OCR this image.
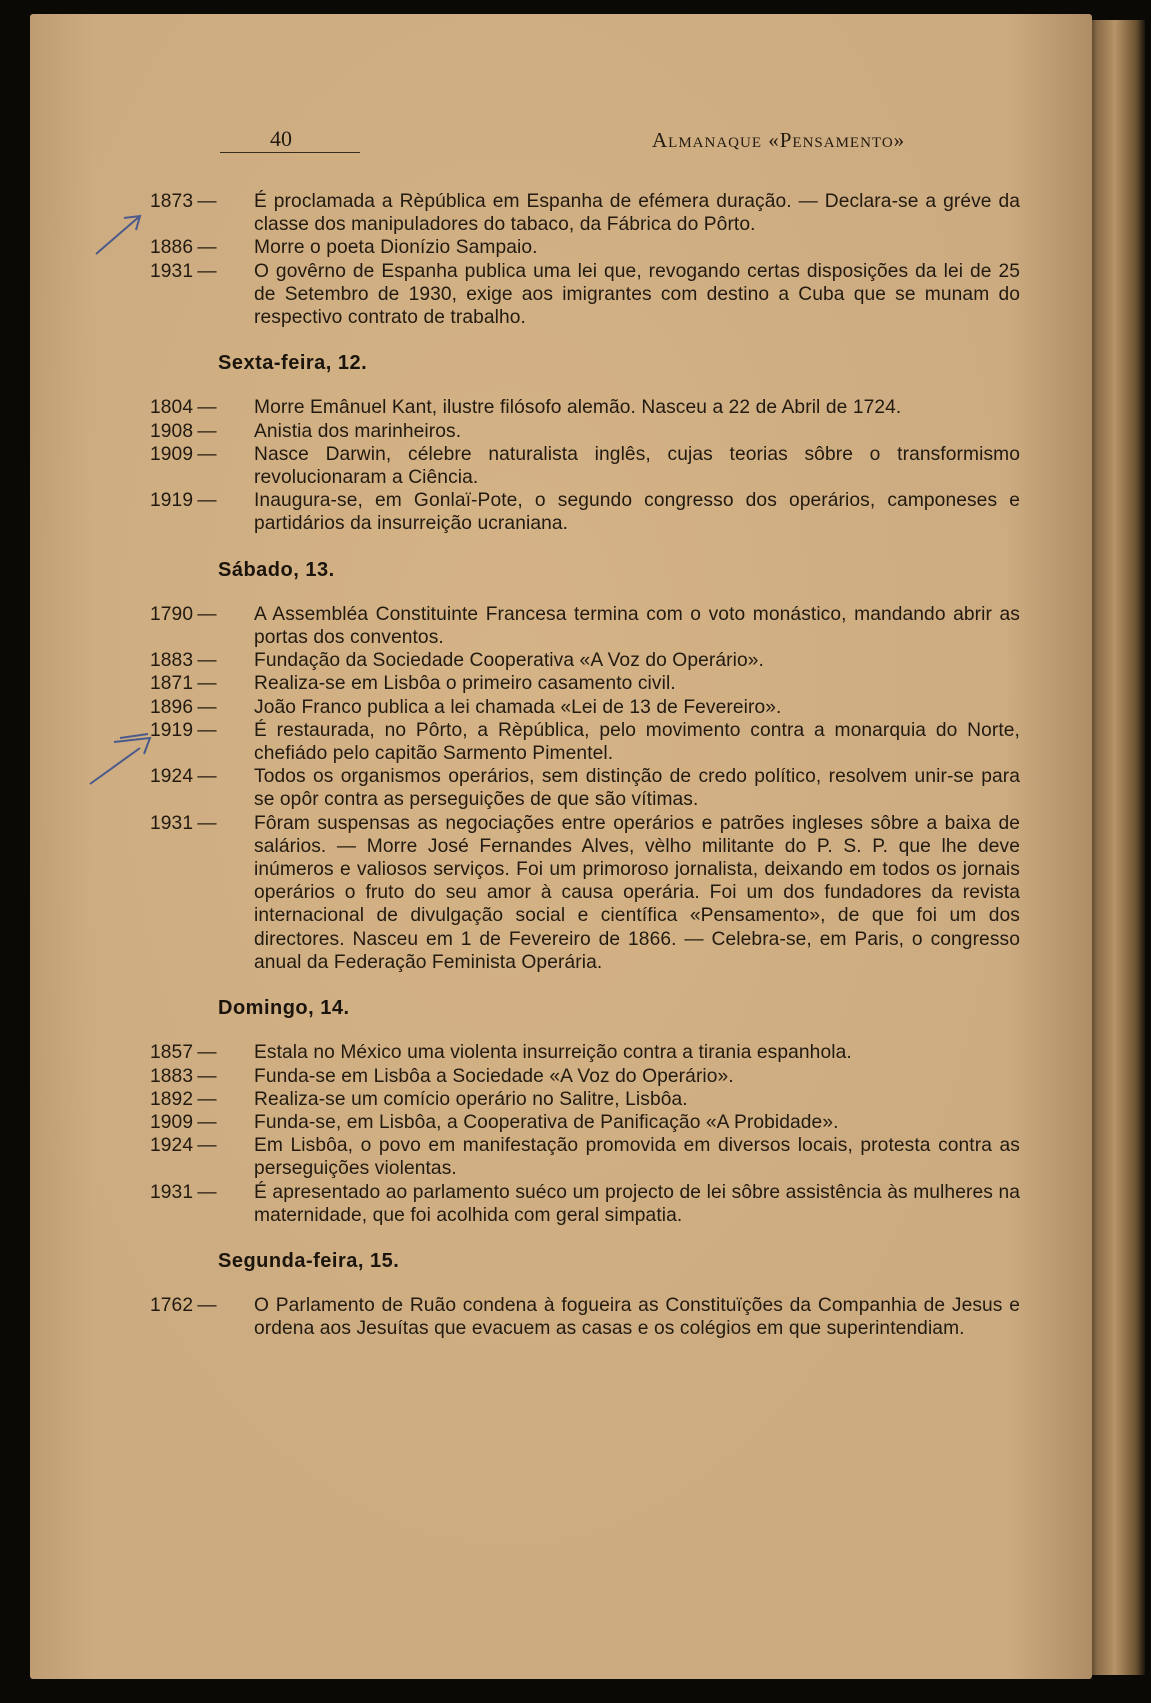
40	Almanaque «Pensamento»
1873 —	É proclamada a Rèpública em Espanha de efémera duração. — Declara-se a gréve da classe dos manipuladores do tabaco, da Fábrica do Pôrto.
1886 —	Morre o poeta Dionízio Sampaio.
1931 —	O govêrno de Espanha publica uma lei que, revogando certas disposições da lei de 25 de Setembro de 1930, exige aos imigrantes com destino a Cuba que se munam do respectivo contrato de trabalho.
Sexta-feira, 12.
1804 —	Morre Emânuel Kant, ilustre filósofo alemão. Nasceu a 22 de Abril de 1724.
1908 —	Anistia dos marinheiros.
1909 —	Nasce Darwin, célebre naturalista inglês, cujas teorias sôbre o transformismo revolucionaram a Ciência.
1919 —	Inaugura-se, em Gonlaï-Pote, o segundo congresso dos operários, camponeses e partidários da insurreição ucraniana.
Sábado, 13.
1790 —	A Assembléa Constituinte Francesa termina com o voto monástico, mandando abrir as portas dos conventos.
1883 —	Fundação da Sociedade Cooperativa «A Voz do Operário».
1871 —	Realiza-se em Lisbôa o primeiro casamento civil.
1896 —	João Franco publica a lei chamada «Lei de 13 de Fevereiro».
1919 —	É restaurada, no Pôrto, a Rèpública, pelo movimento contra a monarquia do Norte, chefiádo pelo capitão Sarmento Pimentel.
1924 —	Todos os organismos operários, sem distinção de credo político, resolvem unir-se para se opôr contra as perseguições de que são vítimas.
1931 —	Fôram suspensas as negociações entre operários e patrões ingleses sôbre a baixa de salários. — Morre José Fernandes Alves, vèlho militante do P. S. P. que lhe deve inúmeros e valiosos serviços. Foi um primoroso jornalista, deixando em todos os jornais operários o fruto do seu amor à causa operária. Foi um dos fundadores da revista internacional de divulgação social e científica «Pensamento», de que foi um dos directores. Nasceu em 1 de Fevereiro de 1866. — Celebra-se, em Paris, o congresso anual da Federação Feminista Operária.
Domingo, 14.
1857 —	Estala no México uma violenta insurreição contra a tirania espanhola.
1883 —	Funda-se em Lisbôa a Sociedade «A Voz do Operário».
1892 —	Realiza-se um comício operário no Salitre, Lisbôa.
1909 —	Funda-se, em Lisbôa, a Cooperativa de Panificação «A Probidade».
1924 —	Em Lisbôa, o povo em manifestação promovida em diversos locais, protesta contra as perseguições violentas.
1931 —	É apresentado ao parlamento suéco um projecto de lei sôbre assistência às mulheres na maternidade, que foi acolhida com geral simpatia.
Segunda-feira, 15.
1762 —	O Parlamento de Ruão condena à fogueira as Constituïções da Companhia de Jesus e ordena aos Jesuítas que evacuem as casas e os colégios em que superintendiam.
